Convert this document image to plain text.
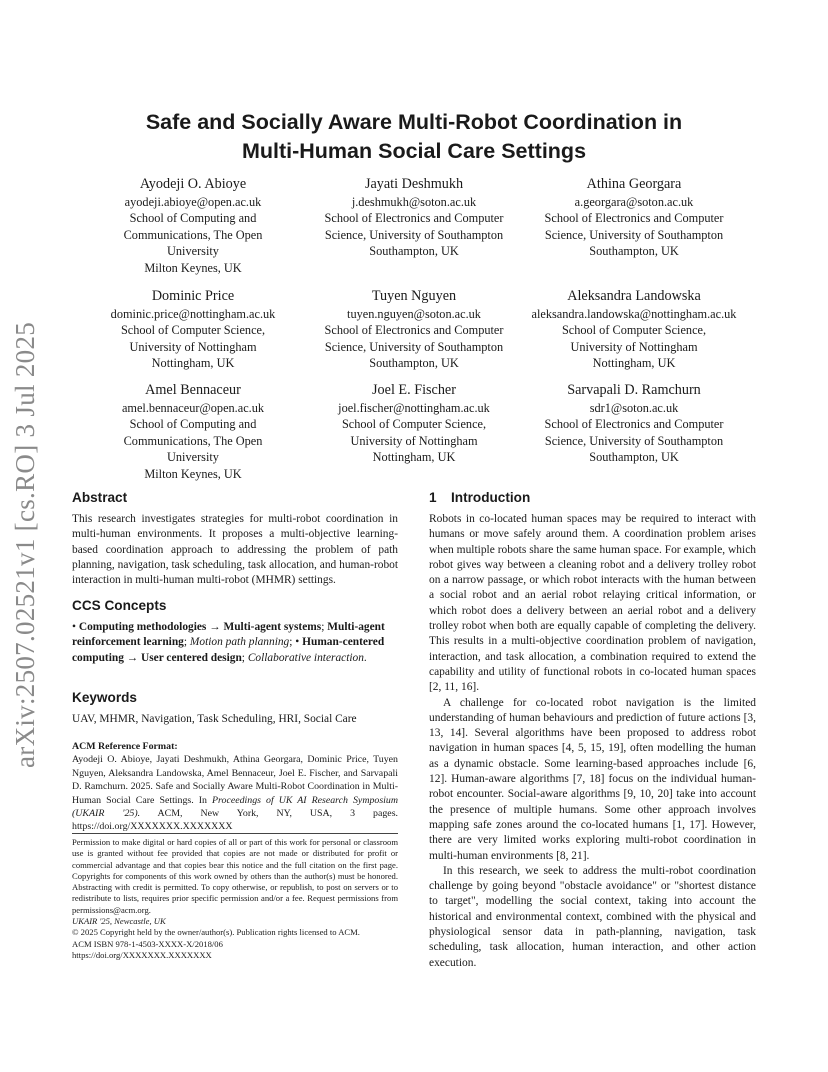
arXiv:2507.02521v1 [cs.RO] 3 Jul 2025
Safe and Socially Aware Multi-Robot Coordination in
Multi-Human Social Care Settings
Ayodeji O. Abioye
ayodeji.abioye@open.ac.uk
School of Computing and
Communications, The Open
University
Milton Keynes, UK
Jayati Deshmukh
j.deshmukh@soton.ac.uk
School of Electronics and Computer
Science, University of Southampton
Southampton, UK
Athina Georgara
a.georgara@soton.ac.uk
School of Electronics and Computer
Science, University of Southampton
Southampton, UK
Dominic Price
dominic.price@nottingham.ac.uk
School of Computer Science,
University of Nottingham
Nottingham, UK
Tuyen Nguyen
tuyen.nguyen@soton.ac.uk
School of Electronics and Computer
Science, University of Southampton
Southampton, UK
Aleksandra Landowska
aleksandra.landowska@nottingham.ac.uk
School of Computer Science,
University of Nottingham
Nottingham, UK
Amel Bennaceur
amel.bennaceur@open.ac.uk
School of Computing and
Communications, The Open
University
Milton Keynes, UK
Joel E. Fischer
joel.fischer@nottingham.ac.uk
School of Computer Science,
University of Nottingham
Nottingham, UK
Sarvapali D. Ramchurn
sdr1@soton.ac.uk
School of Electronics and Computer
Science, University of Southampton
Southampton, UK
Abstract

This research investigates strategies for multi-robot coordination in multi-human environments. It proposes a multi-objective learning-based coordination approach to addressing the problem of path planning, navigation, task scheduling, task allocation, and human-robot interaction in multi-human multi-robot (MHMR) settings.

CCS Concepts

• Computing methodologies → Multi-agent systems; Multi-agent reinforcement learning; Motion path planning; • Human-centered computing → User centered design; Collaborative interaction.

Keywords

UAV, MHMR, Navigation, Task Scheduling, HRI, Social Care

ACM Reference Format:

Ayodeji O. Abioye, Jayati Deshmukh, Athina Georgara, Dominic Price, Tuyen Nguyen, Aleksandra Landowska, Amel Bennaceur, Joel E. Fischer, and Sarvapali D. Ramchurn. 2025. Safe and Socially Aware Multi-Robot Coordination in Multi-Human Social Care Settings. In Proceedings of UK AI Research Symposium (UKAIR '25). ACM, New York, NY, USA, 3 pages. https://doi.org/XXXXXXX.XXXXXXX

Permission to make digital or hard copies of all or part of this work for personal or classroom use is granted without fee provided that copies are not made or distributed for profit or commercial advantage and that copies bear this notice and the full citation on the first page. Copyrights for components of this work owned by others than the author(s) must be honored. Abstracting with credit is permitted. To copy otherwise, or republish, to post on servers or to redistribute to lists, requires prior specific permission and/or a fee. Request permissions from permissions@acm.org.

UKAIR '25, Newcastle, UK
© 2025 Copyright held by the owner/author(s). Publication rights licensed to ACM.
ACM ISBN 978-1-4503-XXXX-X/2018/06
https://doi.org/XXXXXXX.XXXXXXX
1 Introduction

Robots in co-located human spaces may be required to interact with humans or move safely around them. A coordination problem arises when multiple robots share the same human space. For example, which robot gives way between a cleaning robot and a delivery trolley robot on a narrow passage, or which robot interacts with the human between a social robot and an aerial robot relaying critical information, or which robot does a delivery between an aerial robot and a delivery trolley robot when both are equally capable of completing the delivery. This results in a multi-objective coordination problem of navigation, interaction, and task allocation, a combination required to extend the capability and utility of functional robots in co-located human spaces [2, 11, 16].

A challenge for co-located robot navigation is the limited understanding of human behaviours and prediction of future actions [3, 13, 14]. Several algorithms have been proposed to address robot navigation in human spaces [4, 5, 15, 19], often modelling the human as a dynamic obstacle. Some learning-based approaches include [6, 12]. Human-aware algorithms [7, 18] focus on the individual human-robot encounter. Social-aware algorithms [9, 10, 20] take into account the presence of multiple humans. Some other approach involves mapping safe zones around the co-located humans [1, 17]. However, there are very limited works exploring multi-robot coordination in multi-human environments [8, 21].

In this research, we seek to address the multi-robot coordination challenge by going beyond "obstacle avoidance" or "shortest distance to target", modelling the social context, taking into account the historical and environmental context, combined with the physical and physiological sensor data in path-planning, navigation, task scheduling, task allocation, human interaction, and other action execution.
